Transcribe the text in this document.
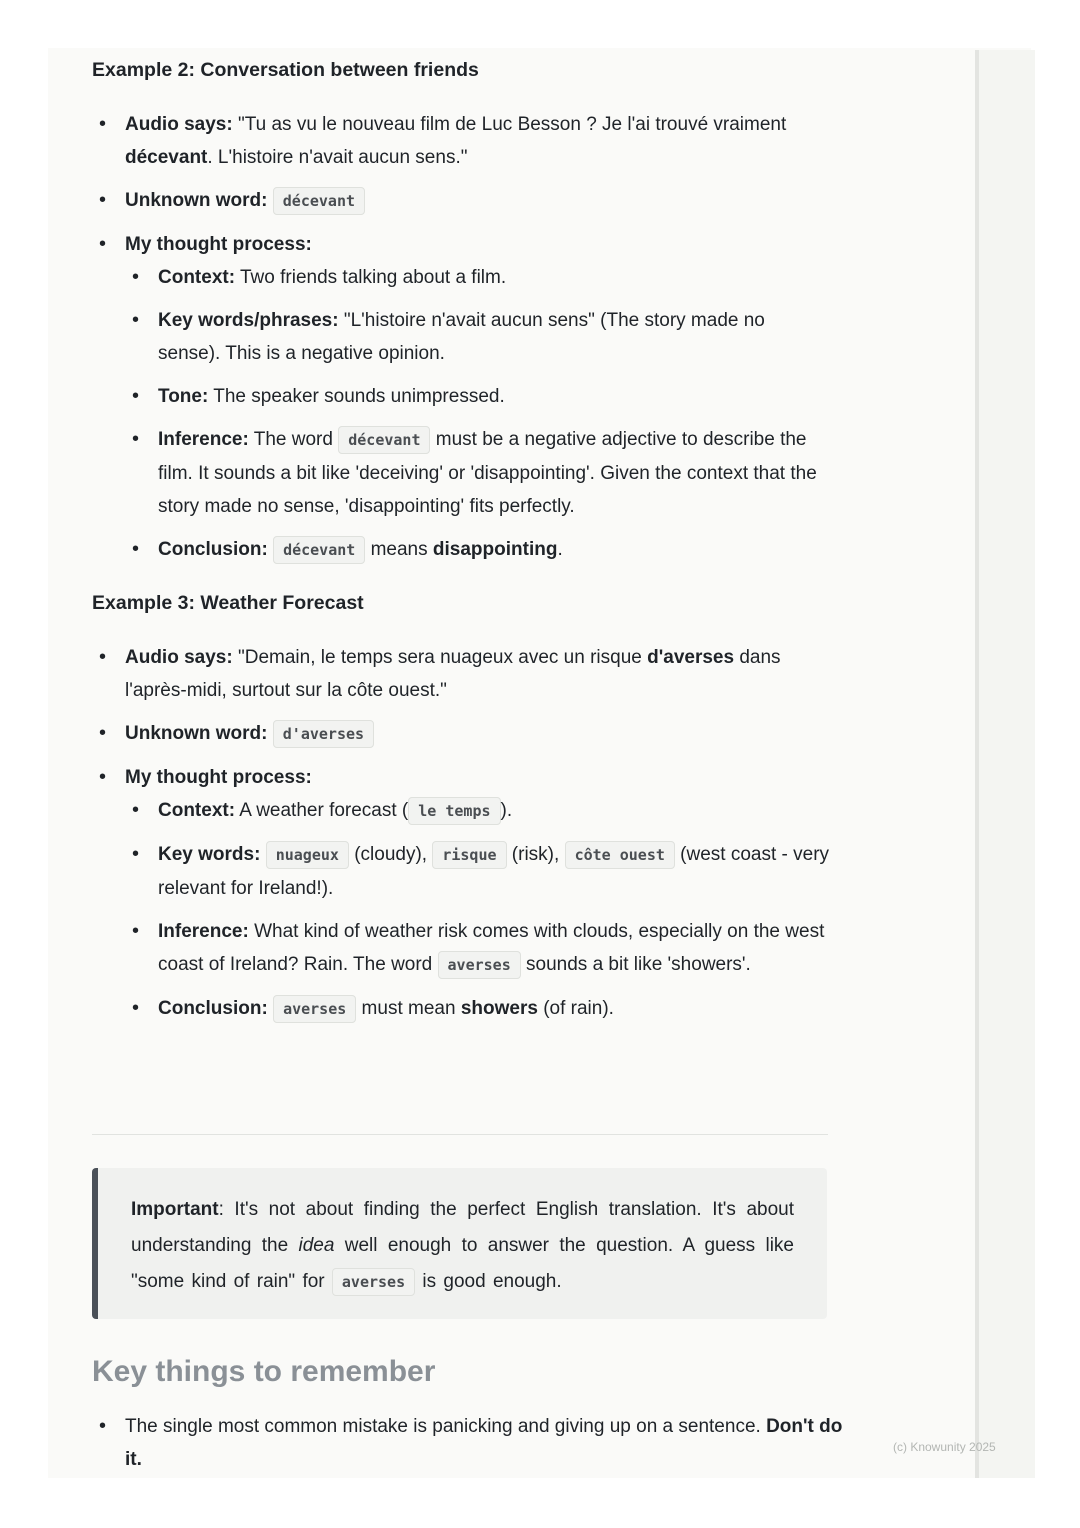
(c) Knowunity 2025
Example 2: Conversation between friends
• Audio says: "Tu as vu le nouveau film de Luc Besson ? Je l'ai trouvé vraiment décevant. L'histoire n'avait aucun sens."
• Unknown word: décevant
• My thought process:
• Context: Two friends talking about a film.
• Key words/phrases: "L'histoire n'avait aucun sens" (The story made no sense). This is a negative opinion.
• Tone: The speaker sounds unimpressed.
• Inference: The word décevant must be a negative adjective to describe the film. It sounds a bit like 'deceiving' or 'disappointing'. Given the context that the story made no sense, 'disappointing' fits perfectly.
• Conclusion: décevant means disappointing.
Example 3: Weather Forecast
• Audio says: "Demain, le temps sera nuageux avec un risque d'averses dans l'après-midi, surtout sur la côte ouest."
• Unknown word: d'averses
• My thought process:
• Context: A weather forecast ( le temps ).
• Key words: nuageux (cloudy), risque (risk), côte ouest (west coast - very relevant for Ireland!).
• Inference: What kind of weather risk comes with clouds, especially on the west coast of Ireland? Rain. The word averses sounds a bit like 'showers'.
• Conclusion: averses must mean showers (of rain).
Important: It's not about finding the perfect English translation. It's about understanding the idea well enough to answer the question. A guess like "some kind of rain" for averses is good enough.
Key things to remember
• The single most common mistake is panicking and giving up on a sentence. Don't do it.
